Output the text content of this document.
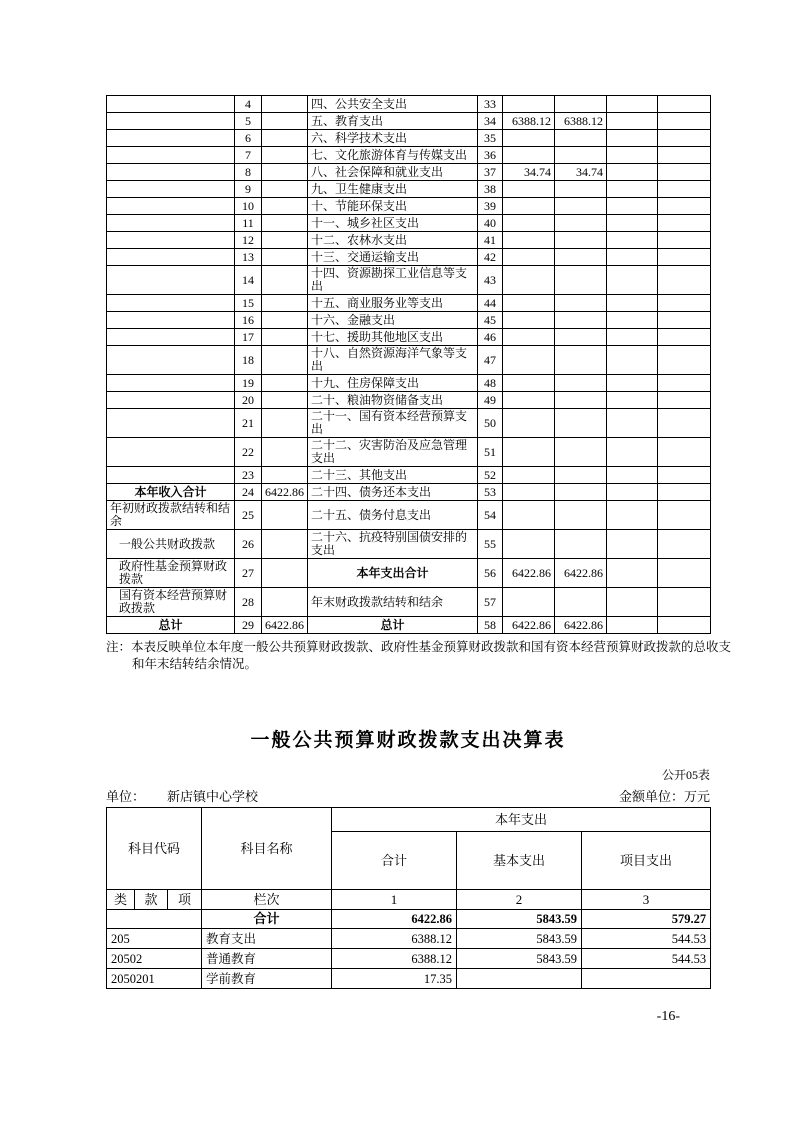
	4		四、公共安全支出	33				
	5		五、教育支出	34	6388.12	6388.12		
	6		六、科学技术支出	35				
	7		七、文化旅游体育与传媒支出	36				
	8		八、社会保障和就业支出	37	34.74	34.74		
	9		九、卫生健康支出	38				
	10		十、节能环保支出	39				
	11		十一、城乡社区支出	40				
	12		十二、农林水支出	41				
	13		十三、交通运输支出	42				
	14		十四、资源勘探工业信息等支出	43				
	15		十五、商业服务业等支出	44				
	16		十六、金融支出	45				
	17		十七、援助其他地区支出	46				
	18		十八、自然资源海洋气象等支出	47				
	19		十九、住房保障支出	48				
	20		二十、粮油物资储备支出	49				
	21		二十一、国有资本经营预算支出	50				
	22		二十二、灾害防治及应急管理支出	51				
	23		二十三、其他支出	52				
本年收入合计	24	6422.86	二十四、债务还本支出	53				
年初财政拨款结转和结余	25		二十五、债务付息支出	54				
一般公共财政拨款	26		二十六、抗疫特别国债安排的支出	55				
政府性基金预算财政拨款	27		本年支出合计	56	6422.86	6422.86		
国有资本经营预算财政拨款	28		年末财政拨款结转和结余	57				
总计	29	6422.86	总计	58	6422.86	6422.86		
注：本表反映单位本年度一般公共预算财政拨款、政府性基金预算财政拨款和国有资本经营预算财政拨款的总收支和年末结转结余情况。
一般公共预算财政拨款支出决算表
公开05表
单位： 新店镇中心学校	金额单位：万元
科目代码			科目名称	本年支出		
				合计	基本支出	项目支出
类	款	项	栏次	1	2	3
			合计	6422.86	5843.59	579.27
205			教育支出	6388.12	5843.59	544.53
20502			普通教育	6388.12	5843.59	544.53
2050201			学前教育	17.35		
-16-
